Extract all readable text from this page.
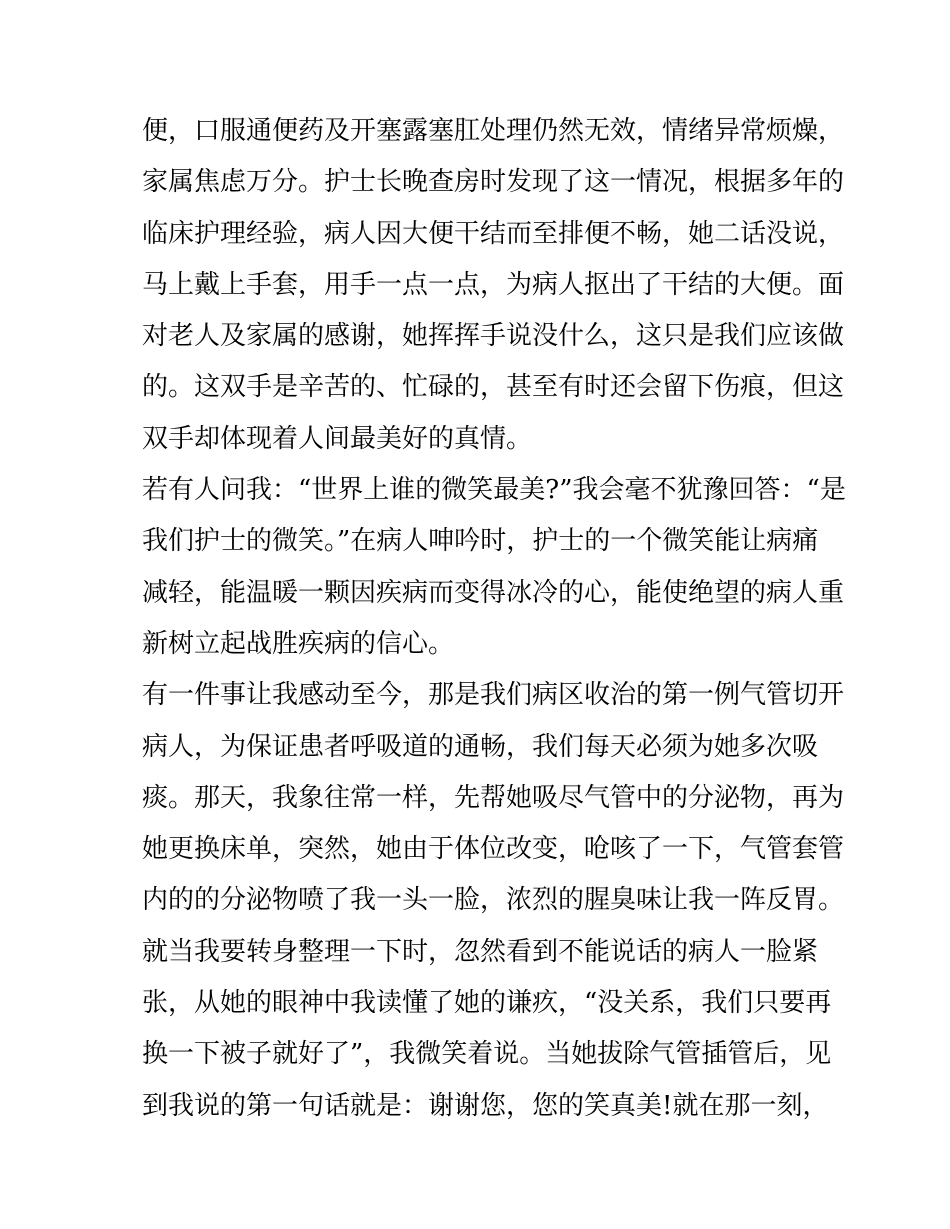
便，口服通便药及开塞露塞肛处理仍然无效，情绪异常烦燥，
家属焦虑万分。护士长晚查房时发现了这一情况，根据多年的
临床护理经验，病人因大便干结而至排便不畅，她二话没说，
马上戴上手套，用手一点一点，为病人抠出了干结的大便。面
对老人及家属的感谢，她挥挥手说没什么，这只是我们应该做
的。这双手是辛苦的、忙碌的，甚至有时还会留下伤痕，但这
双手却体现着人间最美好的真情。
若有人问我：“世界上谁的微笑最美?”我会毫不犹豫回答：“是
我们护士的微笑。”在病人呻吟时，护士的一个微笑能让病痛
减轻，能温暖一颗因疾病而变得冰冷的心，能使绝望的病人重
新树立起战胜疾病的信心。
有一件事让我感动至今，那是我们病区收治的第一例气管切开
病人，为保证患者呼吸道的通畅，我们每天必须为她多次吸
痰。那天，我象往常一样，先帮她吸尽气管中的分泌物，再为
她更换床单，突然，她由于体位改变，呛咳了一下，气管套管
内的的分泌物喷了我一头一脸，浓烈的腥臭味让我一阵反胃。
就当我要转身整理一下时，忽然看到不能说话的病人一脸紧
张，从她的眼神中我读懂了她的谦疚，“没关系，我们只要再
换一下被子就好了”，我微笑着说。当她拔除气管插管后，见
到我说的第一句话就是：谢谢您，您的笑真美!就在那一刻，
